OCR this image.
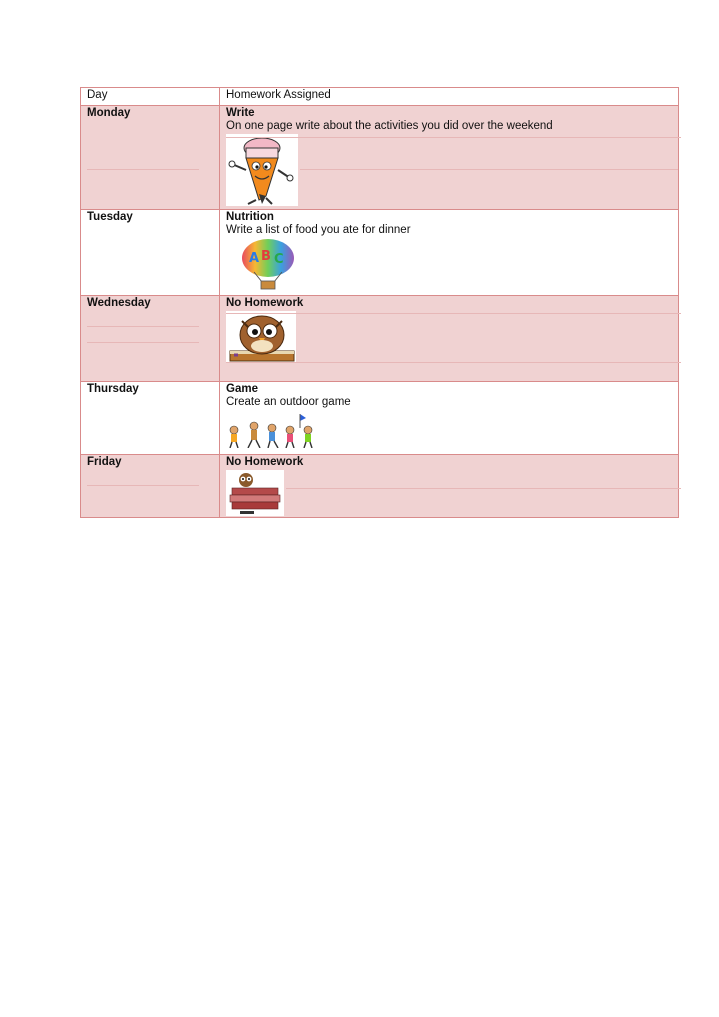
Day	Homework Assigned

Monday	Write
On one page write about the activities you did over the weekend

Tuesday	Nutrition
Write a list of food you ate for dinner
A B C

Wednesday	No Homework

Thursday	Game
Create an outdoor game

Friday	No Homework
